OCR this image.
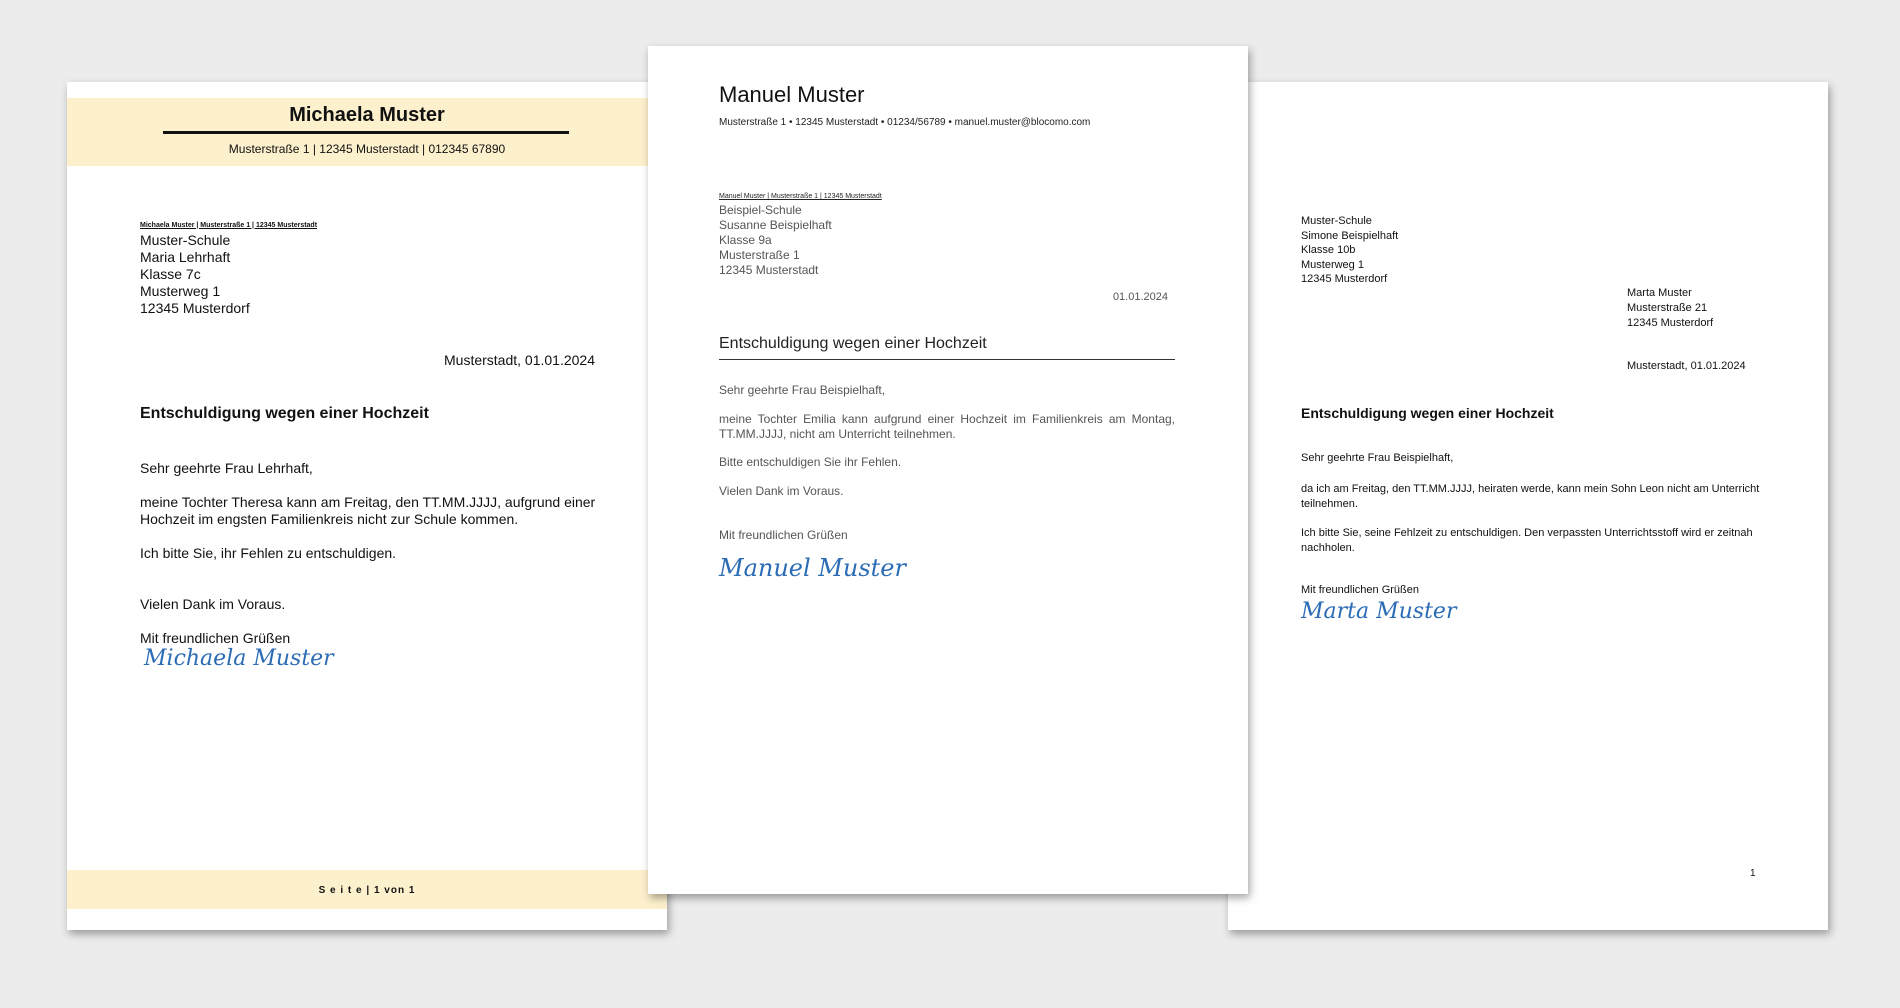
Michaela Muster
Musterstraße 1 | 12345 Musterstadt | 012345 67890
Michaela Muster | Musterstraße 1 | 12345 Musterstadt
Muster-Schule
Maria Lehrhaft
Klasse 7c
Musterweg 1
12345 Musterdorf
Musterstadt, 01.01.2024
Entschuldigung wegen einer Hochzeit
Sehr geehrte Frau Lehrhaft,
meine Tochter Theresa kann am Freitag, den TT.MM.JJJJ, aufgrund einer
Hochzeit im engsten Familienkreis nicht zur Schule kommen.
Ich bitte Sie, ihr Fehlen zu entschuldigen.
Vielen Dank im Voraus.
Mit freundlichen Grüßen
Michaela Muster
S e i t e | 1 von 1
Manuel Muster
Musterstraße 1 • 12345 Musterstadt • 01234/56789 • manuel.muster@blocomo.com
Manuel Muster | Musterstraße 1 | 12345 Musterstadt
Beispiel-Schule
Susanne Beispielhaft
Klasse 9a
Musterstraße 1
12345 Musterstadt
01.01.2024
Entschuldigung wegen einer Hochzeit
Sehr geehrte Frau Beispielhaft,
meine Tochter Emilia kann aufgrund einer Hochzeit im Familienkreis am Montag, TT.MM.JJJJ, nicht am Unterricht teilnehmen.
Bitte entschuldigen Sie ihr Fehlen.
Vielen Dank im Voraus.
Mit freundlichen Grüßen
Manuel Muster
Muster-Schule
Simone Beispielhaft
Klasse 10b
Musterweg 1
12345 Musterdorf
Marta Muster
Musterstraße 21
12345 Musterdorf
Musterstadt, 01.01.2024
Entschuldigung wegen einer Hochzeit
Sehr geehrte Frau Beispielhaft,
da ich am Freitag, den TT.MM.JJJJ, heiraten werde, kann mein Sohn Leon nicht am Unterricht teilnehmen.
Ich bitte Sie, seine Fehlzeit zu entschuldigen. Den verpassten Unterrichtsstoff wird er zeitnah nachholen.
Mit freundlichen Grüßen
Marta Muster
1
